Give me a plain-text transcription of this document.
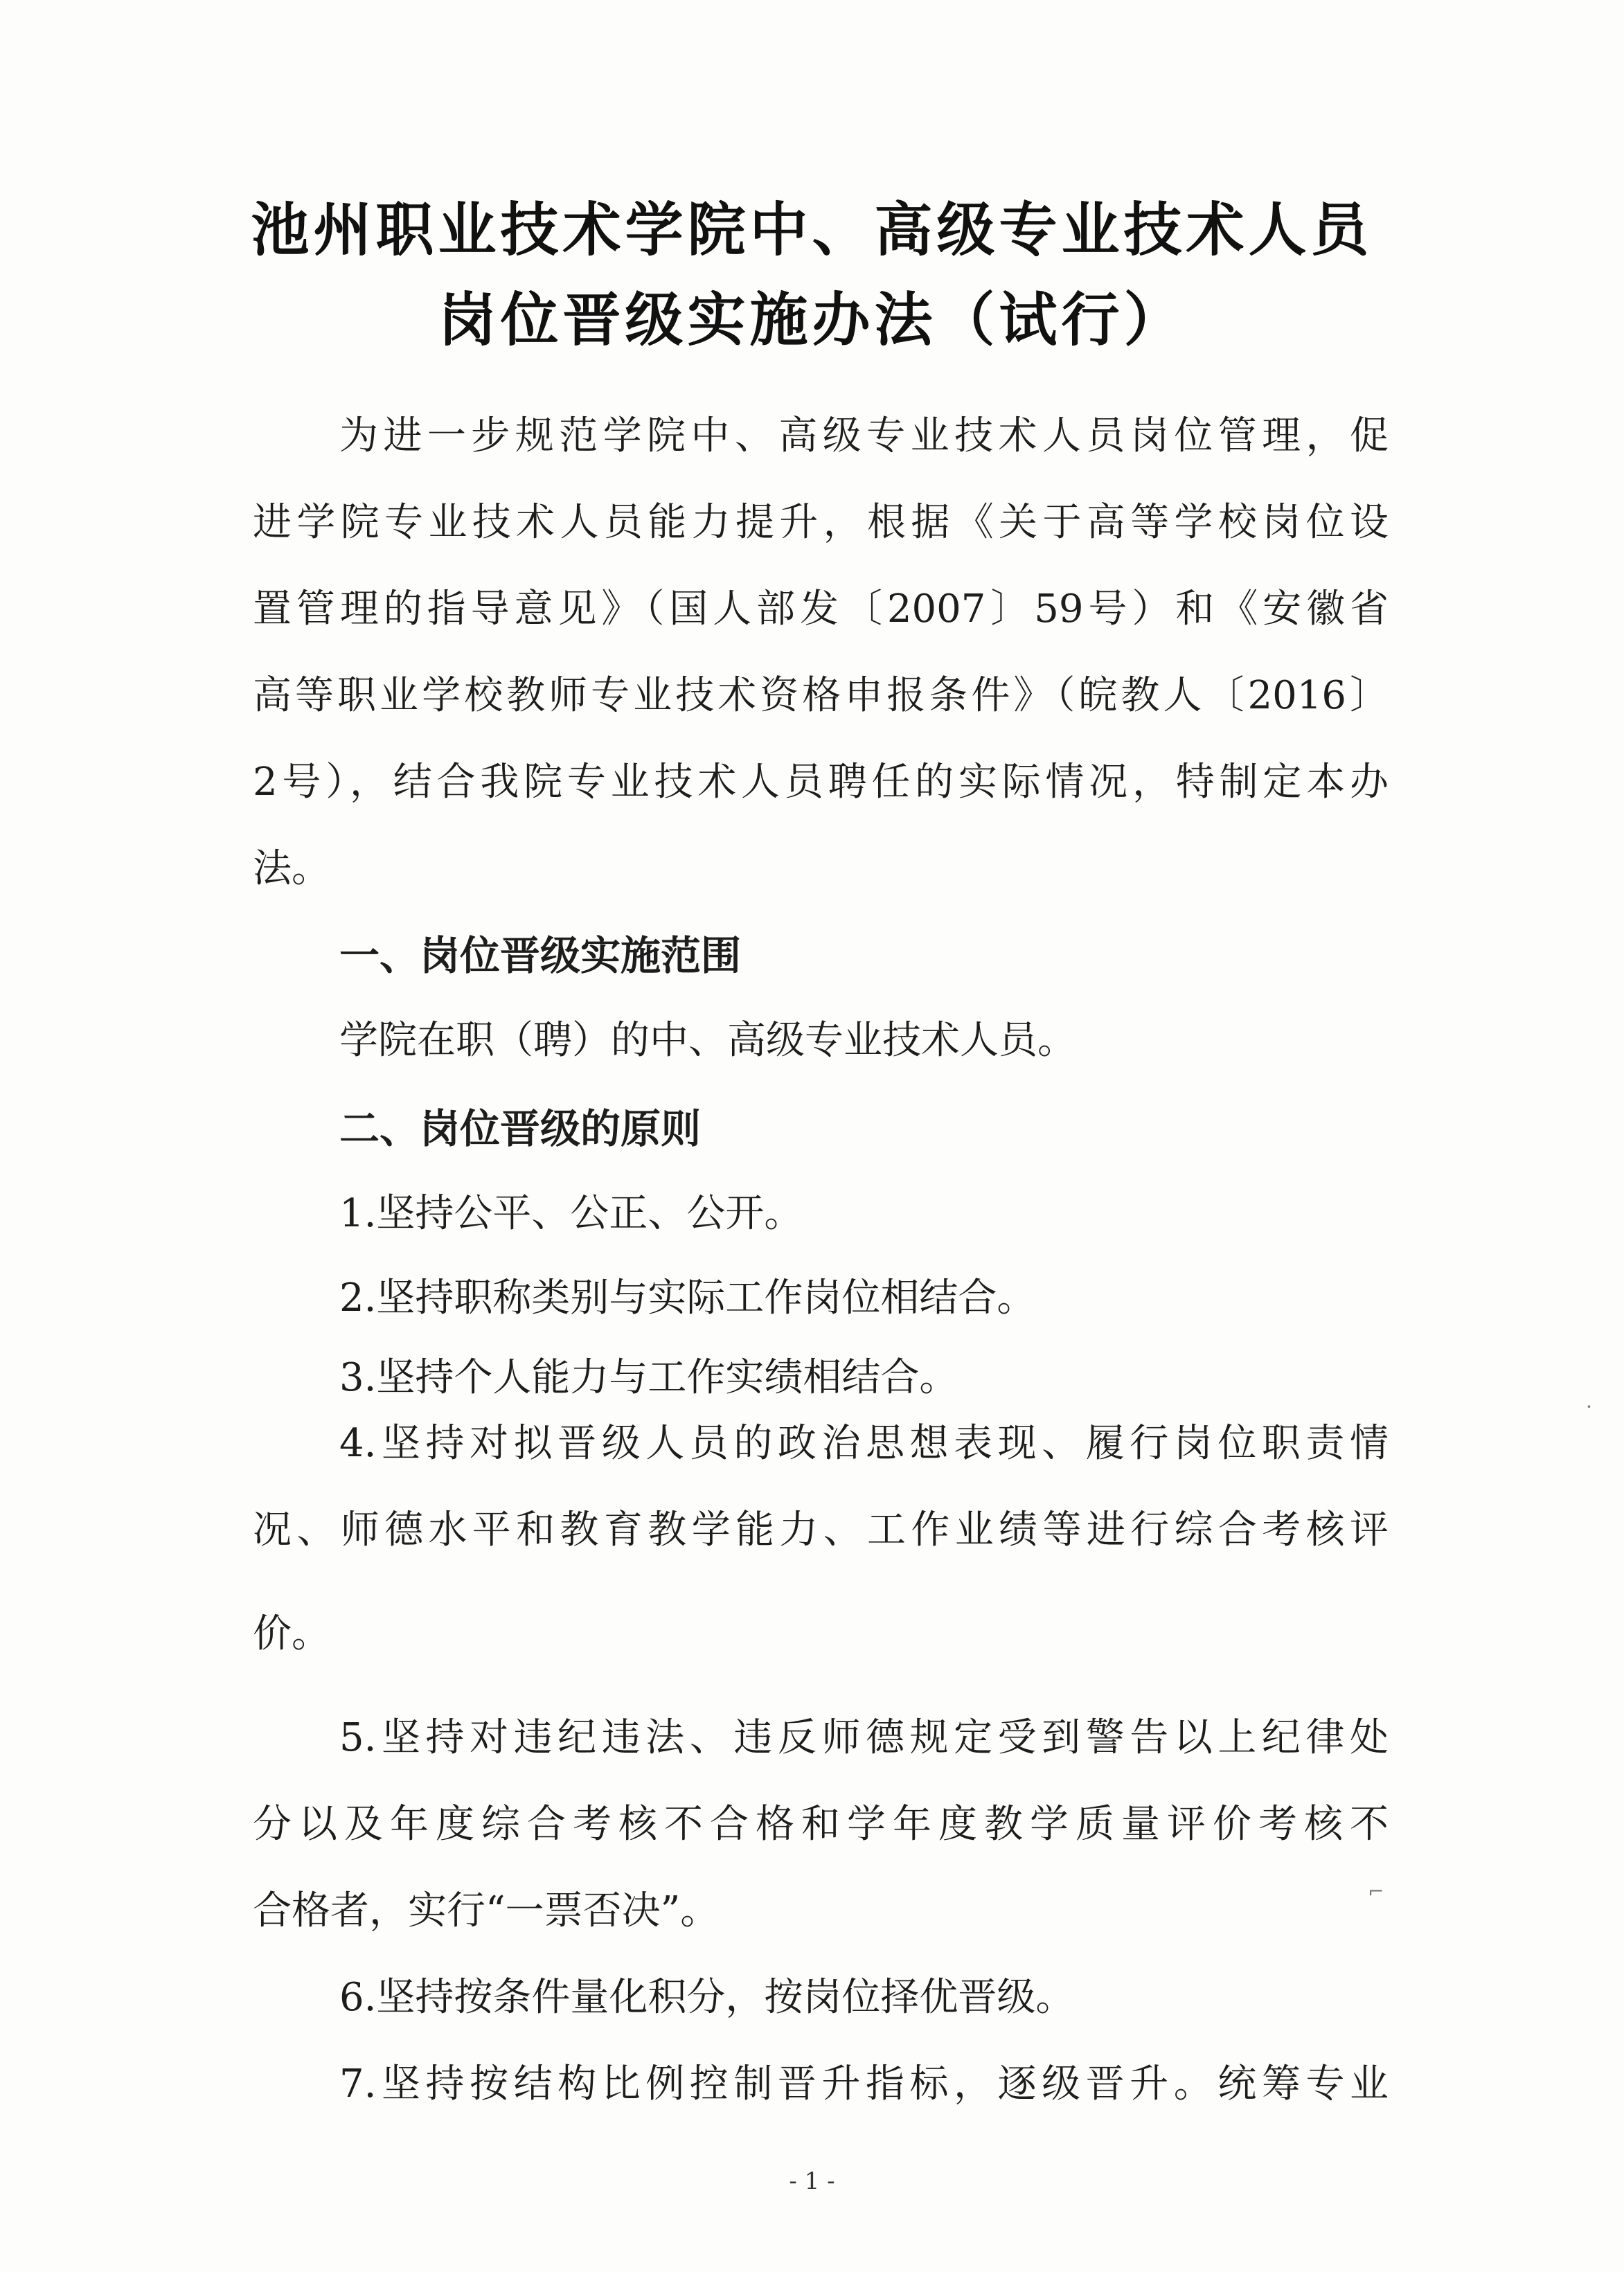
池州职业技术学院中、高级专业技术人员
岗位晋级实施办法（试行）
为进一步规范学院中、高级专业技术人员岗位管理，促
进学院专业技术人员能力提升，根据《关于高等学校岗位设
置管理的指导意见》（国人部发〔2007〕59号）和《安徽省
高等职业学校教师专业技术资格申报条件》（皖教人〔2016〕
2号），结合我院专业技术人员聘任的实际情况，特制定本办
法。
一、岗位晋级实施范围
学院在职（聘）的中、高级专业技术人员。
二、岗位晋级的原则
1.坚持公平、公正、公开。
2.坚持职称类别与实际工作岗位相结合。
3.坚持个人能力与工作实绩相结合。
4.坚持对拟晋级人员的政治思想表现、履行岗位职责情
况、师德水平和教育教学能力、工作业绩等进行综合考核评
价。
5.坚持对违纪违法、违反师德规定受到警告以上纪律处
分以及年度综合考核不合格和学年度教学质量评价考核不
合格者，实行“一票否决”。
6.坚持按条件量化积分，按岗位择优晋级。
7.坚持按结构比例控制晋升指标，逐级晋升。统筹专业
- 1 -
⌐
·
